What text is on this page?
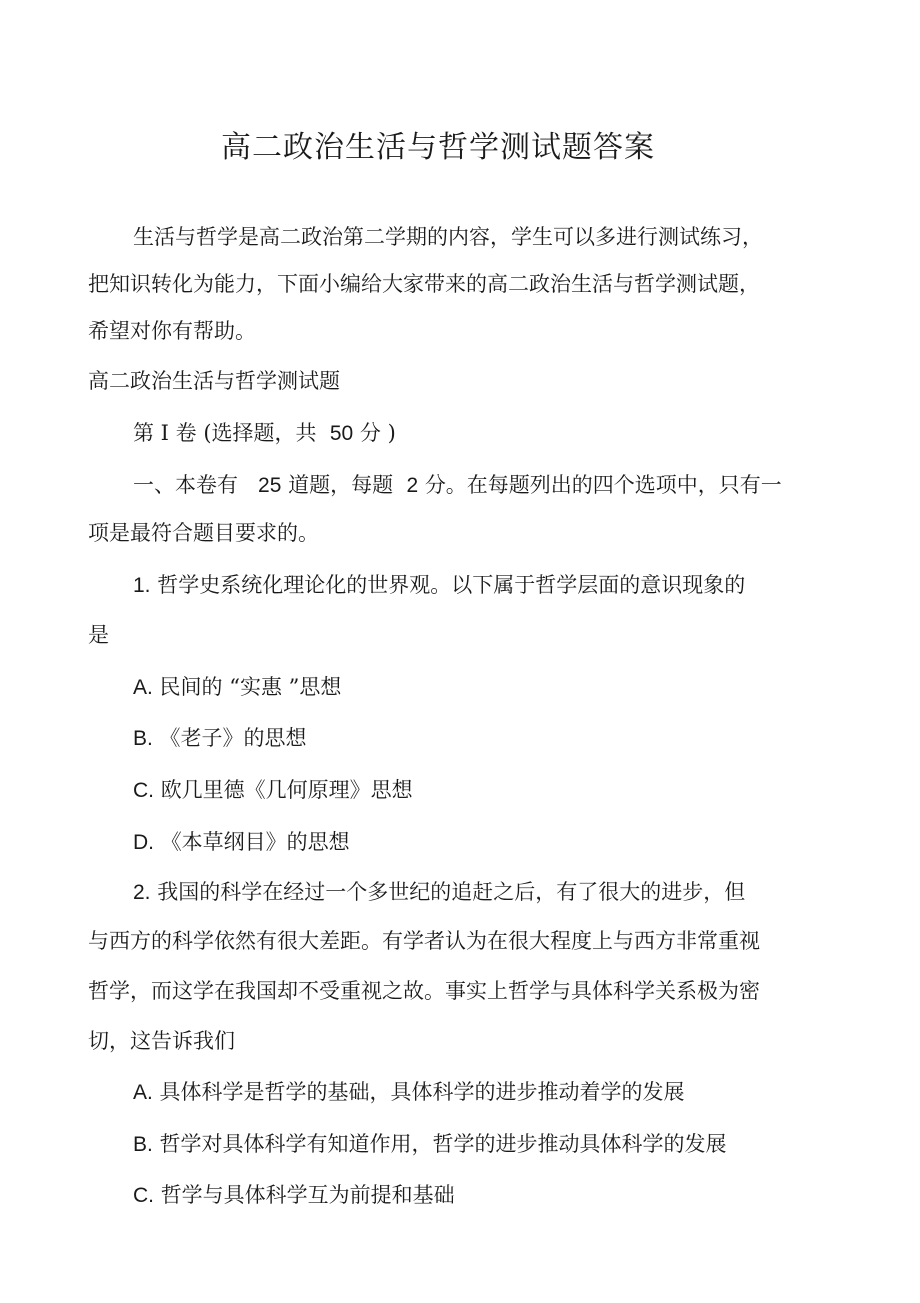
高二政治生活与哲学测试题答案
生活与哲学是高二政治第二学期的内容，学生可以多进行测试练习，
把知识转化为能力，下面小编给大家带来的高二政治生活与哲学测试题，
希望对你有帮助。
高二政治生活与哲学测试题
第 Ⅰ 卷 (选择题，共 50 分 )
一、本卷有 25 道题，每题 2 分。在每题列出的四个选项中，只有一
项是最符合题目要求的。
1. 哲学史系统化理论化的世界观。以下属于哲学层面的意识现象的
是
A. 民间的 “实惠 ”思想
B. 《老子》的思想
C. 欧几里德《几何原理》思想
D. 《本草纲目》的思想
2. 我国的科学在经过一个多世纪的追赶之后，有了很大的进步，但
与西方的科学依然有很大差距。有学者认为在很大程度上与西方非常重视
哲学，而这学在我国却不受重视之故。事实上哲学与具体科学关系极为密
切，这告诉我们
A. 具体科学是哲学的基础，具体科学的进步推动着学的发展
B. 哲学对具体科学有知道作用，哲学的进步推动具体科学的发展
C. 哲学与具体科学互为前提和基础
